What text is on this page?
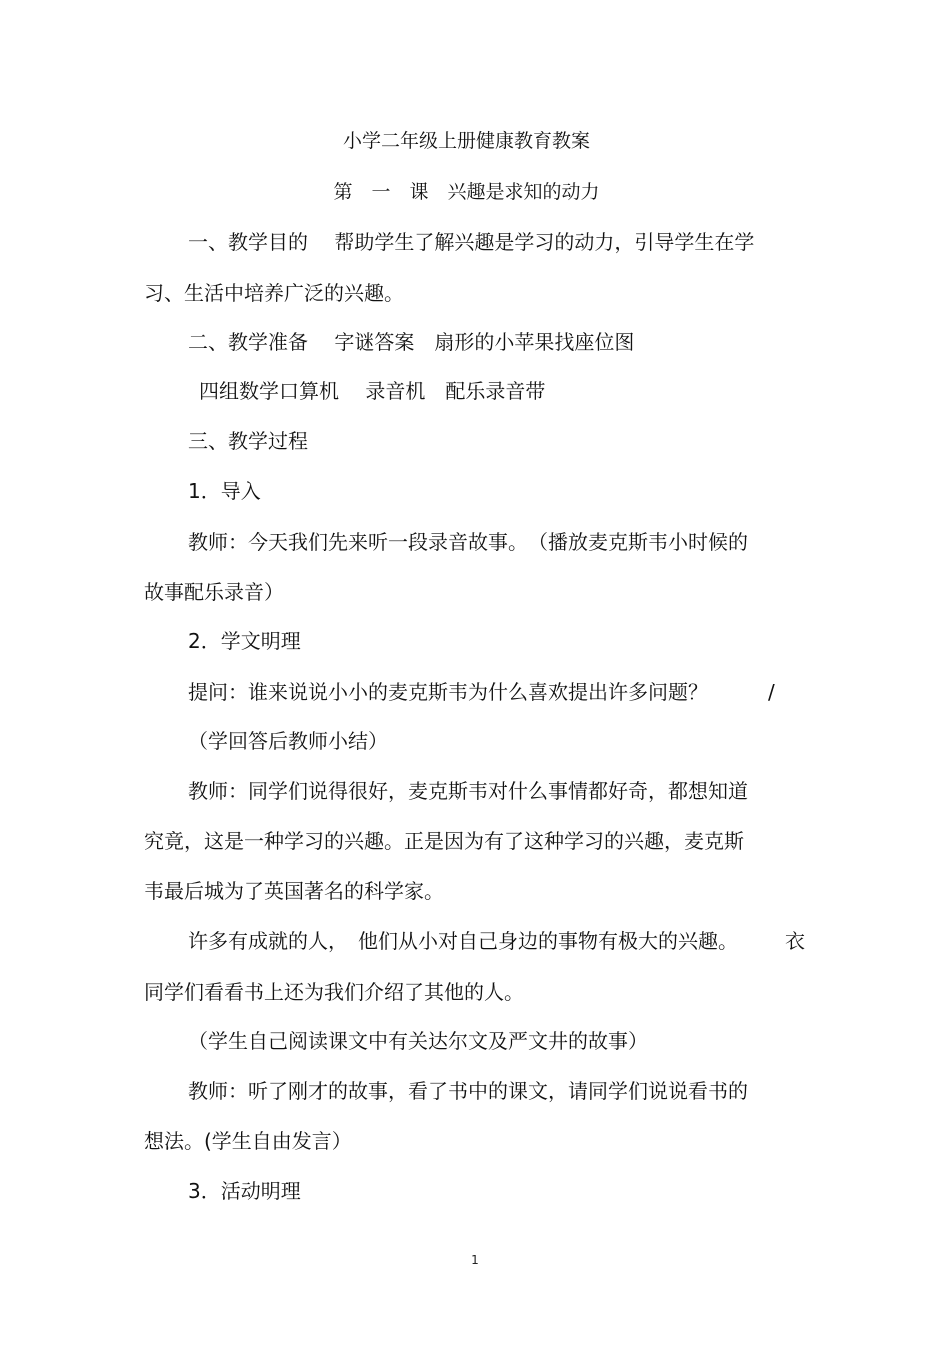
小学二年级上册健康教育教案
第　一　课　兴趣是求知的动力
一、教学目的　 帮助学生了解兴趣是学习的动力，引导学生在学
习、生活中培养广泛的兴趣。
二、教学准备　 字谜答案　扇形的小苹果找座位图
四组数学口算机　 录音机　配乐录音带
三、教学过程
1．导入
教师：今天我们先来听一段录音故事。　（播放麦克斯韦小时候的
故事配乐录音）
2．学文明理
提问：谁来说说小小的麦克斯韦为什么喜欢提出许多问题？	/
（学回答后教师小结）
教师：同学们说得很好，麦克斯韦对什么事情都好奇，都想知道
究竟，这是一种学习的兴趣。正是因为有了这种学习的兴趣，麦克斯
韦最后城为了英国著名的科学家。
许多有成就的人，　他们从小对自己身边的事物有极大的兴趣。 衣
同学们看看书上还为我们介绍了其他的人。
（学生自己阅读课文中有关达尔文及严文井的故事）
教师：听了刚才的故事，看了书中的课文，请同学们说说看书的
想法。(学生自由发言）
3．活动明理
1
